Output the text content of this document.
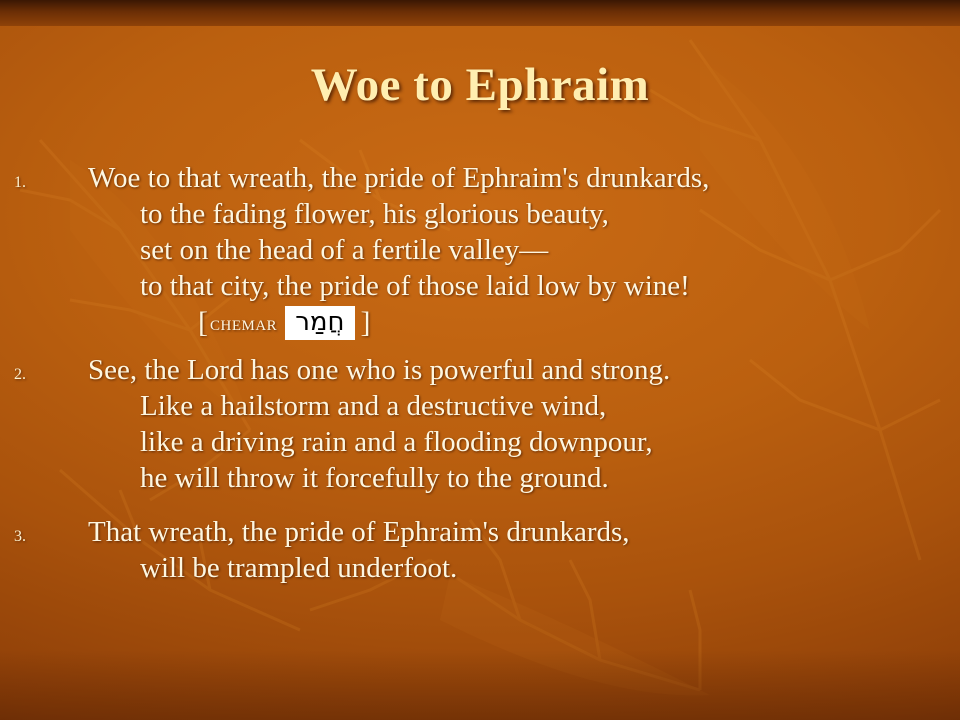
Woe to Ephraim
1.	Woe to that wreath, the pride of Ephraim's drunkards,
to the fading flower, his glorious beauty,
set on the head of a fertile valley—
to that city, the pride of those laid low by wine!
[ chemar חֲמַר ]
2.	See, the Lord has one who is powerful and strong.
Like a hailstorm and a destructive wind,
like a driving rain and a flooding downpour,
he will throw it forcefully to the ground.
3.	That wreath, the pride of Ephraim's drunkards,
will be trampled underfoot.
